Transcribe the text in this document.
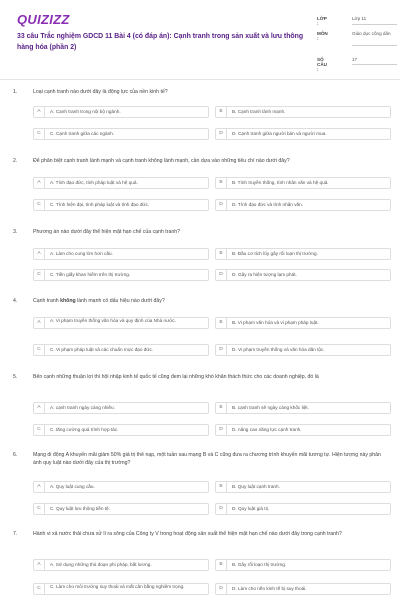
QUIZIZZ
33 câu Trắc nghiệm GDCD 11 Bài 4 (có đáp án): Cạnh tranh trong sản xuất và lưu thông hàng hóa (phần 2)
LỚP :
Lớp 11
MÔN :
Giáo dục công dân
SỐ CÂU :
17
1.	Loại cạnh tranh nào dưới đây là động lực của nền kinh tế?
A	A. Cạnh tranh trong nội bộ ngành.	B	B. Cạnh tranh lành mạnh.
C	C. Cạnh tranh giữa các ngành.	D	D. Cạnh tranh giữa người bán và người mua.
2.	Để phân biệt cạnh tranh lành mạnh và cạnh tranh không lành mạnh, cần dựa vào những tiêu chí nào dưới đây?
A	A. Tính đạo đức, tính pháp luật và hệ quả.	B	B. Tính truyền thống, tính nhân văn và hệ quả.
C	C. Tính hiện đại, tính pháp luật và tính đạo đức.	D	D. Tính đạo đức và tính nhân văn.
3.	Phương án nào dưới đây thể hiện mặt hạn chế của cạnh tranh?
A	A. Làm cho cung lớn hơn cầu.	B	B. Đầu cơ tích lũy gây rối loạn thị trường.
C	C. Tiền giấy khan hiếm trên thị trường.	D	D. Gây ra hiện tượng lạm phát.
4.	Cạnh tranh không lành mạnh có dấu hiệu nào dưới đây?
A	A. Vi phạm truyền thống văn hóa và quy định của Nhà nước.	B	B. Vi phạm văn hóa và vi phạm pháp luật.
C	C. Vi phạm pháp luật và các chuẩn mực đạo đức.	D	D. Vi phạm truyền thống và văn hóa dân tộc.
5.	Bên cạnh những thuận lợi thì hội nhập kinh tế quốc tế cũng đem lại những khó khăn thách thức cho các doanh nghiệp, đó là
A	A. cạnh tranh ngày càng nhiều.	B	B. cạnh tranh sẽ ngày càng khốc liệt.
C	C. tăng cường quá trình hợp tác.	D	D. nâng cao năng lực cạnh tranh.
6.	Mạng di động A khuyến mãi giảm 50% giá trị thẻ nạp, một tuần sau mạng B và C cũng đưa ra chương trình khuyến mãi tương tự. Hiện tượng này phản ánh quy luật nào dưới đây của thị trường?
A	A. Quy luật cung cầu.	B	B. Quy luật cạnh tranh.
C	C. Quy luật lưu thông tiền tệ.	D	D. Quy luật giá trị.
7.	Hành vi xả nước thải chưa xử lí ra sông của Công ty V trong hoạt động sản xuất thể hiện mặt hạn chế nào dưới đây trong cạnh tranh?
A	A. Sử dụng những thủ đoạn phi pháp, bất lương.	B	B. Gây rối loạn thị trường.
C	C. Làm cho môi trường suy thoái và mất cân bằng nghiêm trọng.	D	D. Làm cho nền kinh tế bị suy thoái.
